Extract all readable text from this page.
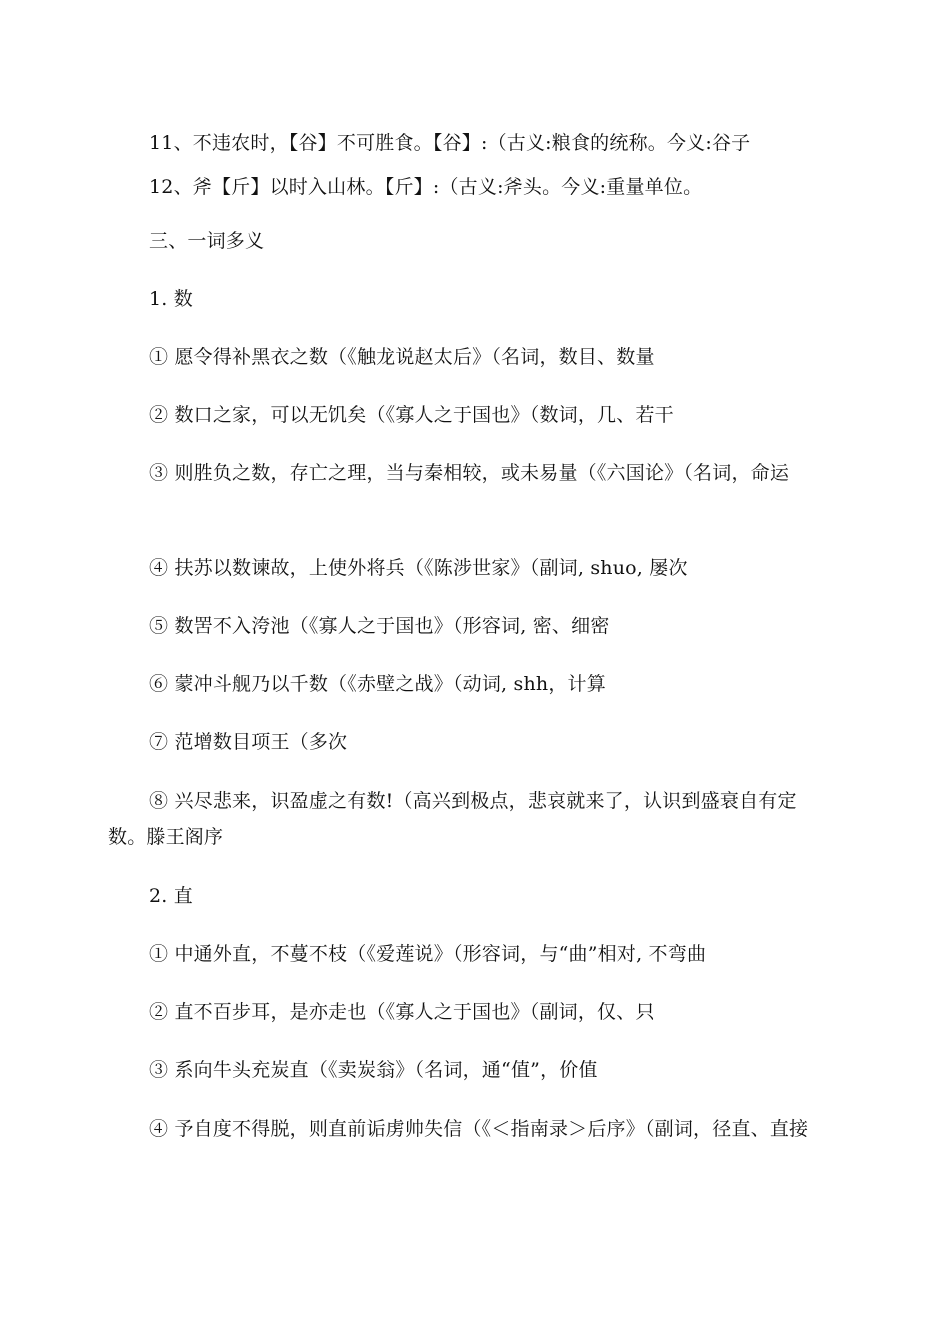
11、不违农时，【谷】不可胜食。【谷】:（古义:粮食的统称。今义:谷子
12、斧【斤】以时入山林。【斤】:（古义:斧头。今义:重量单位。
三、一词多义
1. 数
① 愿令得补黑衣之数（《触龙说赵太后》（名词，数目、数量
② 数口之家，可以无饥矣（《寡人之于国也》（数词，几、若干
③ 则胜负之数，存亡之理，当与秦相较，或未易量（《六国论》（名词，命运
④ 扶苏以数谏故，上使外将兵（《陈涉世家》（副词, shuo, 屡次
⑤ 数罟不入洿池（《寡人之于国也》（形容词, 密、细密
⑥ 蒙冲斗舰乃以千数（《赤壁之战》（动词, shh，计算
⑦ 范增数目项王（多次
⑧ 兴尽悲来，识盈虚之有数!（高兴到极点，悲哀就来了，认识到盛衰自有定数。滕王阁序
2. 直
① 中通外直，不蔓不枝（《爱莲说》（形容词，与“曲”相对, 不弯曲
② 直不百步耳，是亦走也（《寡人之于国也》（副词，仅、只
③ 系向牛头充炭直（《卖炭翁》（名词，通“值”，价值
④ 予自度不得脱，则直前诟虏帅失信（《＜指南录＞后序》（副词，径直、直接
